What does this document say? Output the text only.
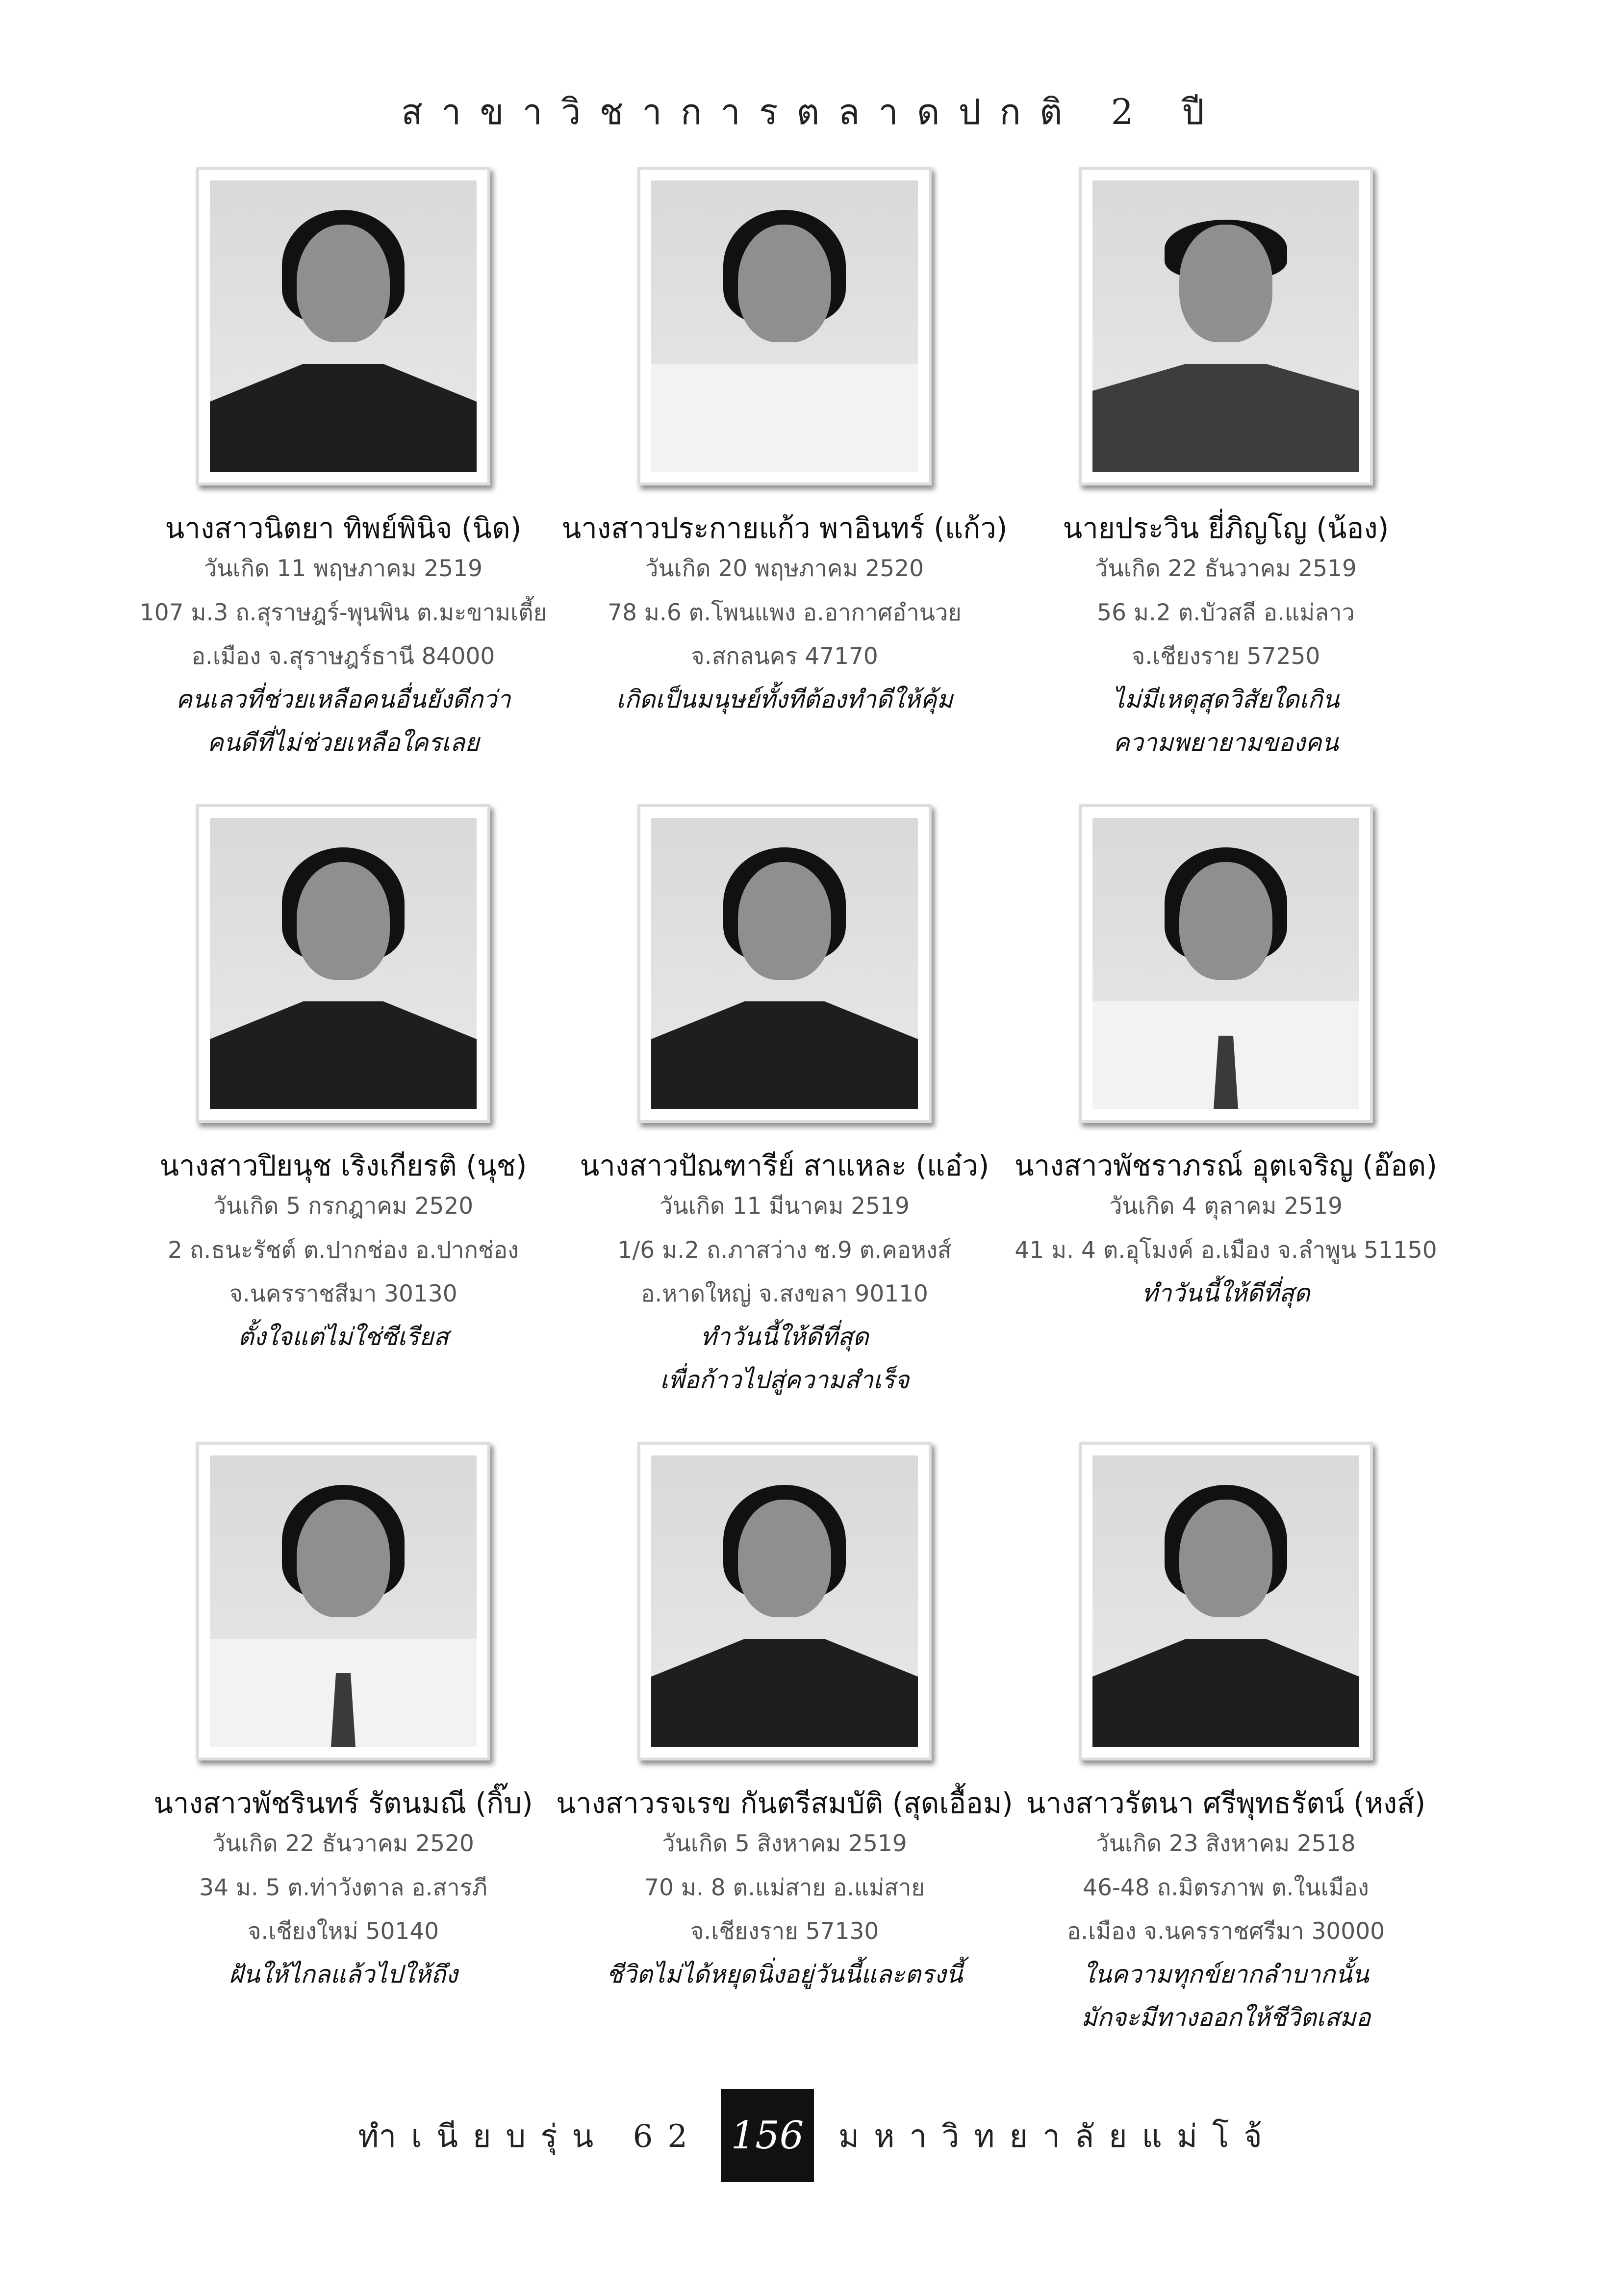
สาขาวิชาการตลาดปกติ 2 ปี
นางสาวนิตยา ทิพย์พินิจ (นิด)
วันเกิด 11 พฤษภาคม 2519
107 ม.3 ถ.สุราษฎร์-พุนพิน ต.มะขามเตี้ย
อ.เมือง จ.สุราษฎร์ธานี 84000
คนเลวที่ช่วยเหลือคนอื่นยังดีกว่า
คนดีที่ไม่ช่วยเหลือใครเลย
นางสาวประกายแก้ว พาอินทร์ (แก้ว)
วันเกิด 20 พฤษภาคม 2520
78 ม.6 ต.โพนแพง อ.อากาศอำนวย
จ.สกลนคร 47170
เกิดเป็นมนุษย์ทั้งทีต้องทำดีให้คุ้ม
นายประวิน ยี่ภิญโญ (น้อง)
วันเกิด 22 ธันวาคม 2519
56 ม.2 ต.บัวสลี อ.แม่ลาว
จ.เชียงราย 57250
ไม่มีเหตุสุดวิสัยใดเกิน
ความพยายามของคน
นางสาวปิยนุช เริงเกียรติ (นุช)
วันเกิด 5 กรกฎาคม 2520
2 ถ.ธนะรัชต์ ต.ปากช่อง อ.ปากช่อง
จ.นครราชสีมา 30130
ตั้งใจแต่ไม่ใช่ซีเรียส
นางสาวปัณฑารีย์ สาแหละ (แอ๋ว)
วันเกิด 11 มีนาคม 2519
1/6 ม.2 ถ.ภาสว่าง ซ.9 ต.คอหงส์
อ.หาดใหญ่ จ.สงขลา 90110
ทำวันนี้ให้ดีที่สุด
เพื่อก้าวไปสู่ความสำเร็จ
นางสาวพัชราภรณ์ อุตเจริญ (อ๊อด)
วันเกิด 4 ตุลาคม 2519
41 ม. 4 ต.อุโมงค์ อ.เมือง จ.ลำพูน 51150
ทำวันนี้ให้ดีที่สุด
นางสาวพัชรินทร์ รัตนมณี (กิ๊บ)
วันเกิด 22 ธันวาคม 2520
34 ม. 5 ต.ท่าวังตาล อ.สารภี
จ.เชียงใหม่ 50140
ฝันให้ไกลแล้วไปให้ถึง
นางสาวรจเรข กันตรีสมบัติ (สุดเอื้อม)
วันเกิด 5 สิงหาคม 2519
70 ม. 8 ต.แม่สาย อ.แม่สาย
จ.เชียงราย 57130
ชีวิตไม่ได้หยุดนิ่งอยู่วันนี้และตรงนี้
นางสาวรัตนา ศรีพุทธรัตน์ (หงส์)
วันเกิด 23 สิงหาคม 2518
46-48 ถ.มิตรภาพ ต.ในเมือง
อ.เมือง จ.นครราชศรีมา 30000
ในความทุกข์ยากลำบากนั้น
มักจะมีทางออกให้ชีวิตเสมอ
ทำเนียบรุ่น 62 156	มหาวิทยาลัยแม่โจ้
